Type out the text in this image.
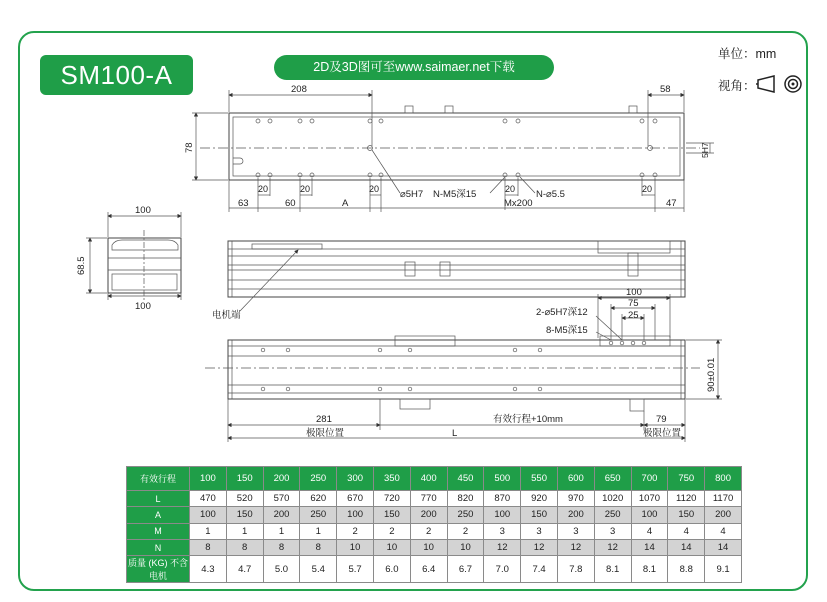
SM100-A	2D及3D图可至www.saimaer.net下载
单位：mm
视角：
208	58
78	5H7
20	20	20	20	20
63	60	A	47
⌀5H7 N-M5深15
Mx200
N-⌀5.5
100
68.5
100
电机端
100
75
25
2-⌀5H7深12
8-M5深15
90±0.01
281	有效行程+10mm	79
极限位置	极限位置
L
有效行程	100	150	200	250	300	350	400	450	500	550	600	650	700	750	800
L	470	520	570	620	670	720	770	820	870	920	970	1020	1070	1120	1170
A	100	150	200	250	100	150	200	250	100	150	200	250	100	150	200
M	1	1	1	1	2	2	2	2	3	3	3	3	4	4	4
N	8	8	8	8	10	10	10	10	12	12	12	12	14	14	14
质量 (KG) 不含电机	4.3	4.7	5.0	5.4	5.7	6.0	6.4	6.7	7.0	7.4	7.8	8.1	8.1	8.8	9.1
